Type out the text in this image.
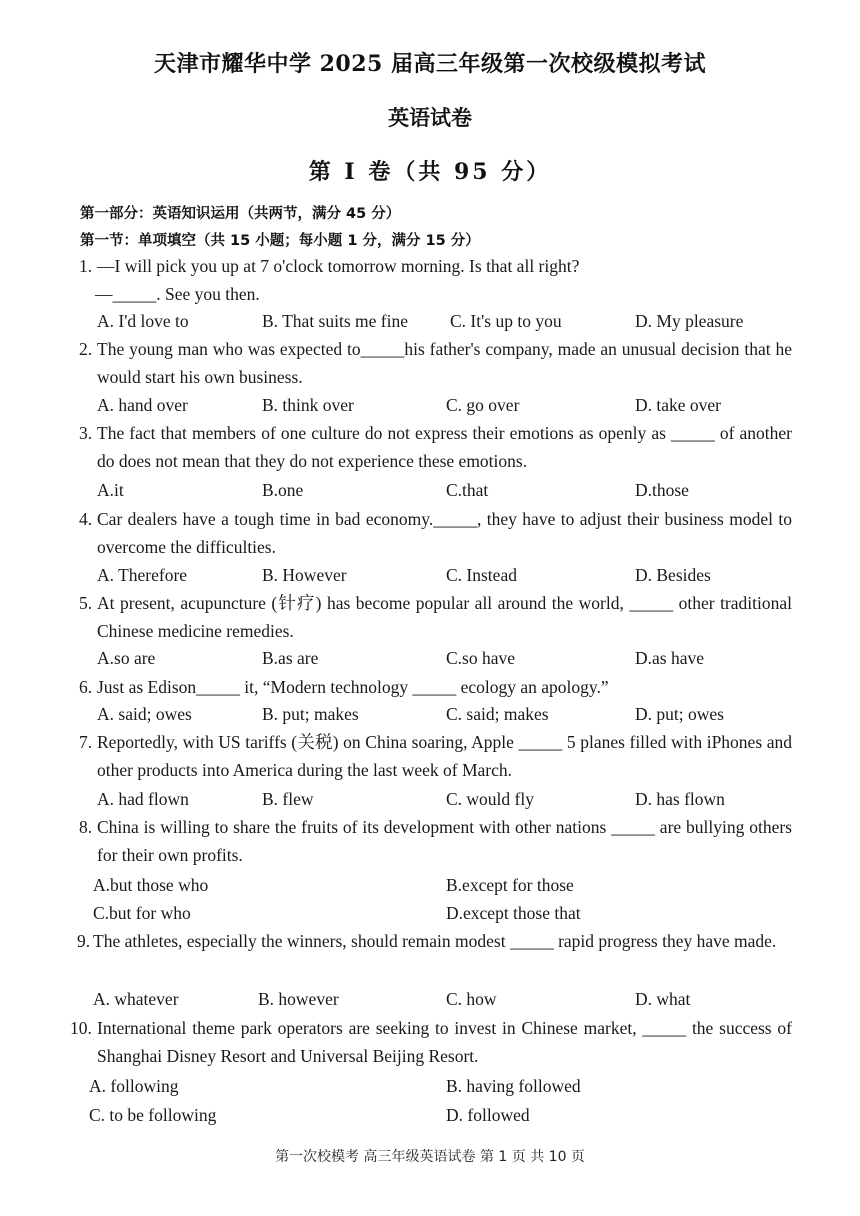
天津市耀华中学 2025 届高三年级第一次校级模拟考试
英语试卷
第 I 卷（共 95 分）
第一部分：英语知识运用（共两节，满分 45 分）
第一节：单项填空（共 15 小题；每小题 1 分，满分 15 分）
1. —I will pick you up at 7 o'clock tomorrow morning. Is that all right?
—_____. See you then.
A. I'd love to	B. That suits me fine C. It's up to you	D. My pleasure
2. The young man who was expected to_____his father's company, made an unusual decision that he would start his own business.
A. hand over	B. think over	C. go over	D. take over
3. The fact that members of one culture do not express their emotions as openly as _____ of another do does not mean that they do not experience these emotions.
A.it	B.one	C.that	D.those
4. Car dealers have a tough time in bad economy._____, they have to adjust their business model to overcome the difficulties.
A. Therefore	B. However	C. Instead	D. Besides
5. At present, acupuncture (针疗) has become popular all around the world, _____ other traditional Chinese medicine remedies.
A.so are	B.as are	C.so have	D.as have
6. Just as Edison_____ it, “Modern technology _____ ecology an apology.”
A. said; owes	B. put; makes	C. said; makes	D. put; owes
7. Reportedly, with US tariffs (关税) on China soaring, Apple _____ 5 planes filled with iPhones and other products into America during the last week of March.
A. had flown	B. flew	C. would fly	D. has flown
8. China is willing to share the fruits of its development with other nations _____ are bullying others for their own profits.
A.but those who	B.except for those
C.but for who	D.except those that
9. The athletes, especially the winners, should remain modest _____ rapid progress they have made.
A. whatever	B. however	C. how	D. what
10. International theme park operators are seeking to invest in Chinese market, _____ the success of Shanghai Disney Resort and Universal Beijing Resort.
A. following	B. having followed
C. to be following	D. followed
第一次校模考 高三年级英语试卷 第 1 页 共 10 页
